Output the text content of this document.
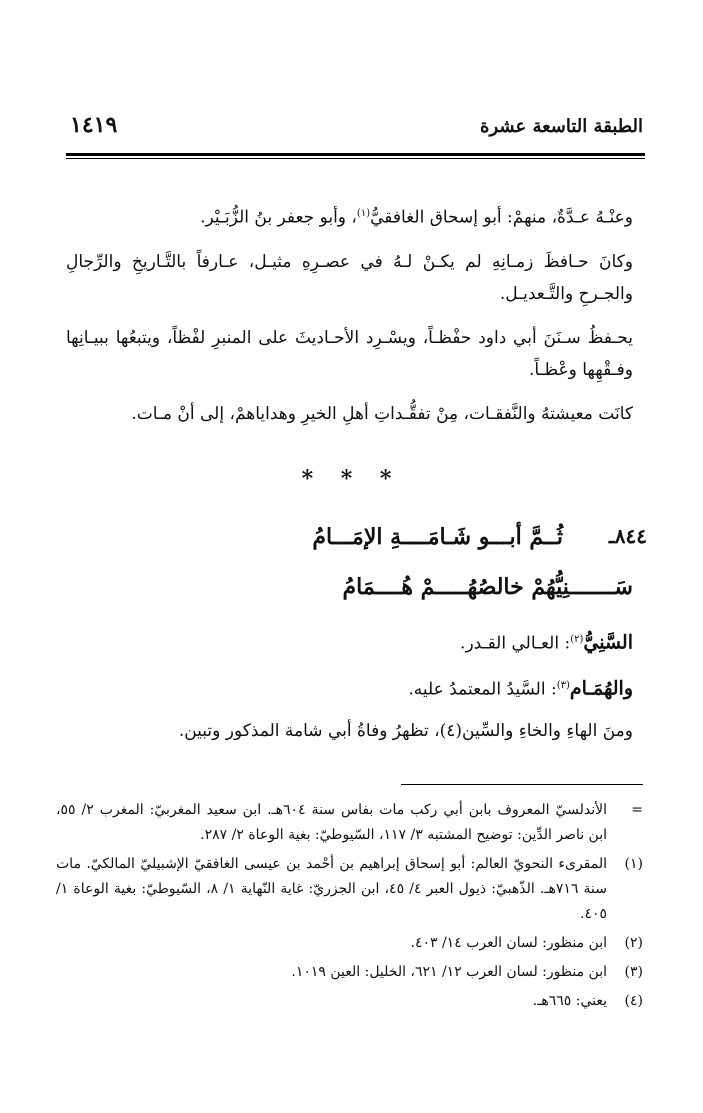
الطبقة التاسعة عشرة
١٤١٩

وعنْـهُ عـدَّةٌ، منهمْ: أبو إسحاق الغافقيُّ$^{(١)}$، وأبو جعفر بنُ الزُّبَـيْر.

وكانَ حـافظَ زمـانِهِ لم يكـنْ لـهُ في عصـرِهِ مثيـل، عـارفاً بالتَّـاريخِ والرِّجالِ والجـرحِ والتَّـعديـل.

يحـفظُ سـنَنَ أبي داود حفْظـاً، ويسْـرِد الأحـاديثَ على المنبرِ لفْظاً، ويتبعُها ببيـانِها وفـقْهِها وعْظـاً.

كانَت معيشتهُ والنَّفقـات، مِنْ تفقُّـداتِ أهلِ الخيرِ وهداياهمْ، إلى أنْ مـات.

* * *
٨٤٤ـ
ثُــمَّ أبـــو شَـامَــــةِ الإمَـــامُ
سَـــــــنِيُّهُمْ خالصُهُـــــمْ هُــــمَامُ
السَّنِيُّ$^{(٢)}$: العـالي القـدر.
والهُمَـام$^{(٣)}$: السَّيدُ المعتمدُ عليه.
ومنَ الهاءِ والخاءِ والسِّين(٤)، تظهرُ وفاةُ أبي شامة المذكور وتبين.
=
الأندلسيّ المعروف بابن أبي ركب مات بفاس سنة ٦٠٤هـ. ابن سعيد المغربيّ: المغرب ٢/ ٥٥، ابن ناصر الدِّين: توضيح المشتبه ٣/ ١١٧، السّيوطيّ: بغية الوعاة ٢/ ٢٨٧.
(١)
المقرىء النحويّ العالم: أبو إسحاق إبراهيم بن أحْمد بن عيسى الغافقيّ الإشبيليّ المالكيّ. مات سنة ٧١٦هـ. الذّهبيّ: ذيول العبر ٤/ ٤٥، ابن الجزريّ: غاية النّهاية ١/ ٨، السّيوطيّ: بغية الوعاة ١/ ٤٠٥.
(٢)
ابن منظور: لسان العرب ١٤/ ٤٠٣.
(٣)
ابن منظور: لسان العرب ١٢/ ٦٢١، الخليل: العين ١٠١٩.
(٤)
يعني: ٦٦٥هـ.
